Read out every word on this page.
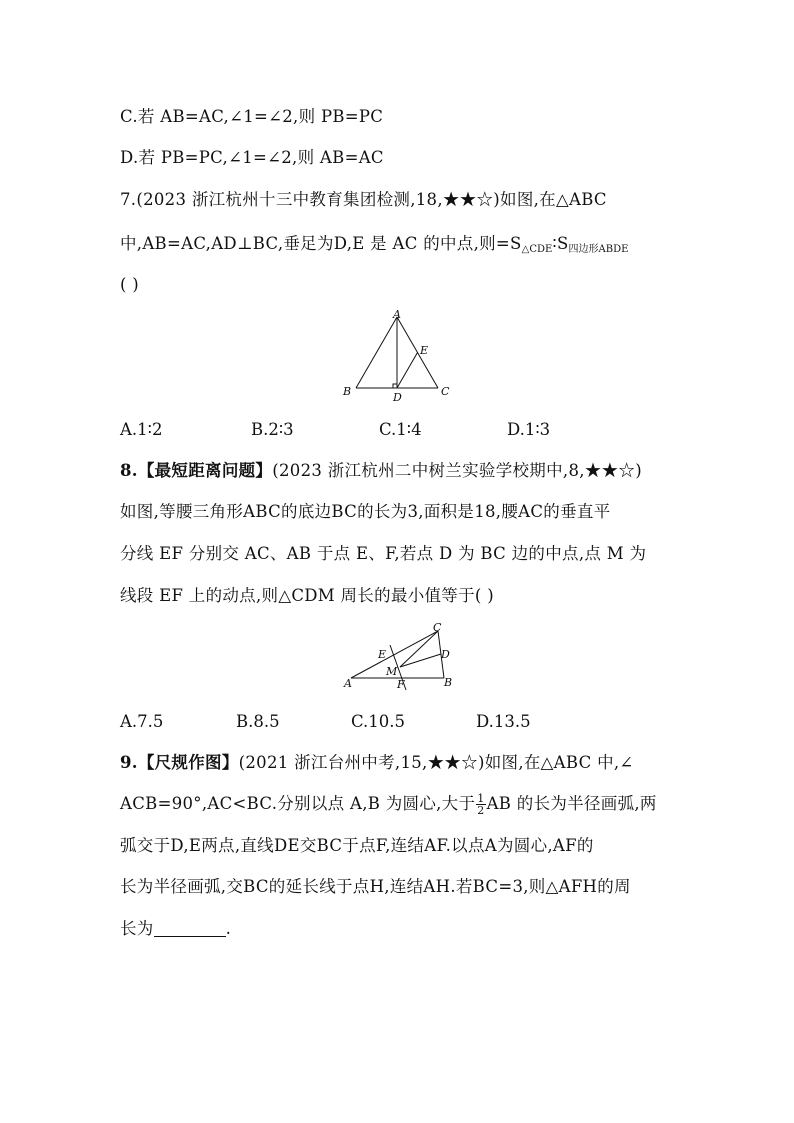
C.若 AB=AC,∠1=∠2,则 PB=PC
D.若 PB=PC,∠1=∠2,则 AB=AC
7.(2023 浙江杭州十三中教育集团检测,18,★★☆)如图,在△ABC
中,AB=AC,AD⊥BC,垂足为D,E 是 AC 的中点,则$=S_{\triangle CDE}∶S_{四边形ABDE}$
( )
A
B	C
D
E
A.1∶2	B.2∶3	C.1∶4	D.1∶3
8.【最短距离问题】(2023 浙江杭州二中树兰实验学校期中,8,★★☆)
如图,等腰三角形ABC的底边BC的长为3,面积是18,腰AC的垂直平
分线 EF 分别交 AC、AB 于点 E、F,若点 D 为 BC 边的中点,点 M 为
线段 EF 上的动点,则△CDM 周长的最小值等于( )
A	B
C
D
E
F
M
A.7.5	B.8.5	C.10.5	D.13.5
9.【尺规作图】(2021 浙江台州中考,15,★★☆)如图,在△ABC 中,∠
ACB=90°,AC<BC.分别以点 A,B 为圆心,大于 $\frac{1}{2}$ AB 的长为半径画弧,两
弧交于D,E两点,直线DE交BC于点F,连结AF.以点A为圆心,AF的
长为半径画弧,交BC的延长线于点H,连结AH.若BC=3,则△AFH的周
长为	.
